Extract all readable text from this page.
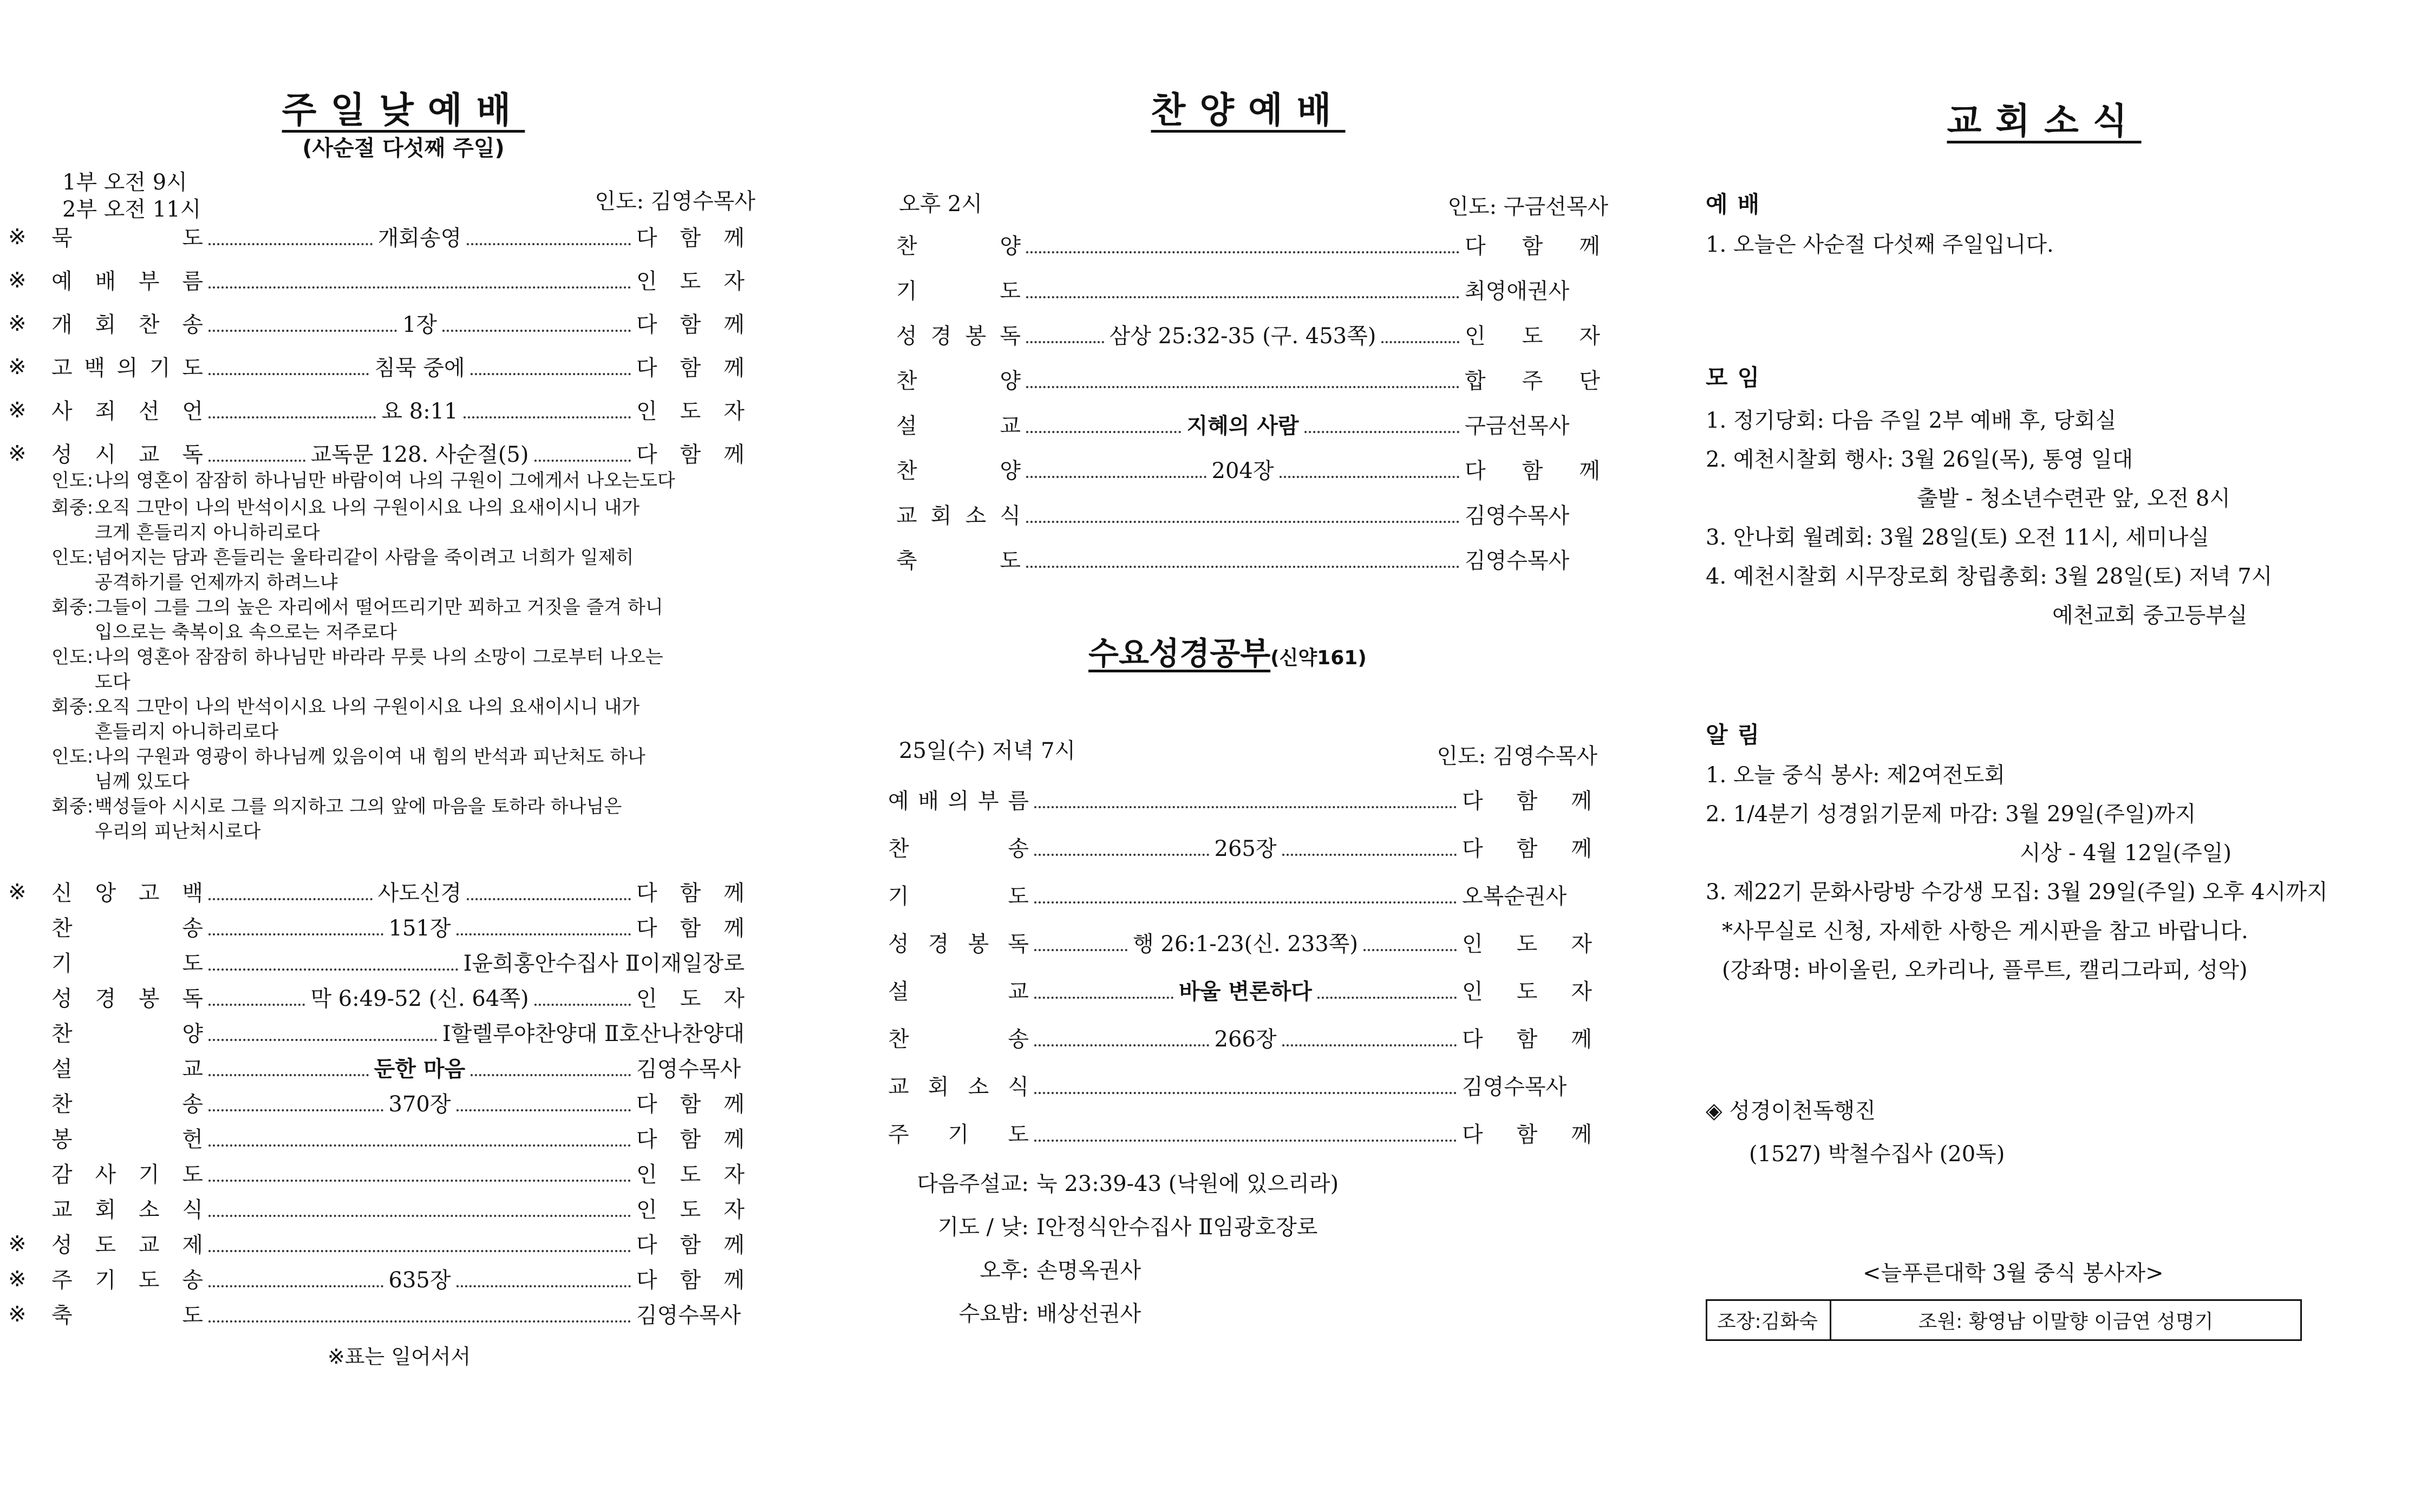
주일낮예배
(사순절 다섯째 주일)
1부 오전 9시
2부 오전 11시	인도: 김영수목사
※ 묵	도	개회송영	다 함 께
※ 예 배 부 름	인 도 자
※ 개 회 찬 송	1장	다 함 께
※ 고 백 의 기 도	침묵 중에	다 함 께
※ 사 죄 선 언	요 8:11	인 도 자
※ 성 시 교 독	교독문 128. 사순절(5)	다 함 께
인도:나의 영혼이 잠잠히 하나님만 바람이여 나의 구원이 그에게서 나오는도다
회중:오직 그만이 나의 반석이시요 나의 구원이시요 나의 요새이시니 내가
크게 흔들리지 아니하리로다
인도:넘어지는 담과 흔들리는 울타리같이 사람을 죽이려고 너희가 일제히
공격하기를 언제까지 하려느냐
회중:그들이 그를 그의 높은 자리에서 떨어뜨리기만 꾀하고 거짓을 즐겨 하니
입으로는 축복이요 속으로는 저주로다
인도:나의 영혼아 잠잠히 하나님만 바라라 무릇 나의 소망이 그로부터 나오는
도다
회중:오직 그만이 나의 반석이시요 나의 구원이시요 나의 요새이시니 내가
흔들리지 아니하리로다
인도:나의 구원과 영광이 하나님께 있음이여 내 힘의 반석과 피난처도 하나
님께 있도다
회중:백성들아 시시로 그를 의지하고 그의 앞에 마음을 토하라 하나님은
우리의 피난처시로다
※ 신 앙 고 백	사도신경	다 함 께
찬	송	151장	다 함 께
기	도	Ⅰ윤희홍안수집사 Ⅱ이재일장로
성 경 봉 독	막 6:49-52 (신. 64쪽)	인 도 자
찬	양	Ⅰ할렐루야찬양대 Ⅱ호산나찬양대
설	교	둔한 마음	김영수목사
찬	송	370장	다 함 께
봉	헌	다 함 께
감 사 기 도	인 도 자
교 회 소 식	인 도 자
※ 성 도 교 제	다 함 께
※ 주 기 도 송	635장	다 함 께
※ 축	도	김영수목사
※표는 일어서서
찬양예배
오후 2시	인도: 구금선목사
찬	양	다 함 께
기	도	최영애권사
성 경 봉 독	삼상 25:32-35 (구. 453쪽)	인 도 자
찬	양	합 주 단
설	교	지혜의 사람	구금선목사
찬	양	204장	다 함 께
교 회 소 식	김영수목사
축	도	김영수목사
수요성경공부(신약161)
25일(수) 저녁 7시	인도: 김영수목사
예 배 의 부 름	다 함 께
찬	송	265장	다 함 께
기	도	오복순권사
성 경 봉 독	행 26:1-23(신. 233쪽)	인 도 자
설	교	바울 변론하다	인 도 자
찬	송	266장	다 함 께
교 회 소 식	김영수목사
주 기 도	다 함 께
다음주설교: 눅 23:39-43 (낙원에 있으리라)
기도 / 낮: Ⅰ안정식안수집사 Ⅱ임광호장로
오후: 손명옥권사
수요밤: 배상선권사
교회소식
예배
1. 오늘은 사순절 다섯째 주일입니다.
모임
1. 정기당회: 다음 주일 2부 예배 후, 당회실
2. 예천시찰회 행사: 3월 26일(목), 통영 일대
출발 - 청소년수련관 앞, 오전 8시
3. 안나회 월례회: 3월 28일(토) 오전 11시, 세미나실
4. 예천시찰회 시무장로회 창립총회: 3월 28일(토) 저녁 7시
예천교회 중고등부실
알림
1. 오늘 중식 봉사: 제2여전도회
2. 1/4분기 성경읽기문제 마감: 3월 29일(주일)까지
시상 - 4월 12일(주일)
3. 제22기 문화사랑방 수강생 모집: 3월 29일(주일) 오후 4시까지
*사무실로 신청, 자세한 사항은 게시판을 참고 바랍니다.
(강좌명: 바이올린, 오카리나, 플루트, 캘리그라피, 성악)
◈ 성경이천독행진
(1527) 박철수집사 (20독)
<늘푸른대학 3월 중식 봉사자>
조장:김화숙	조원: 황영남 이말향 이금연 성명기
